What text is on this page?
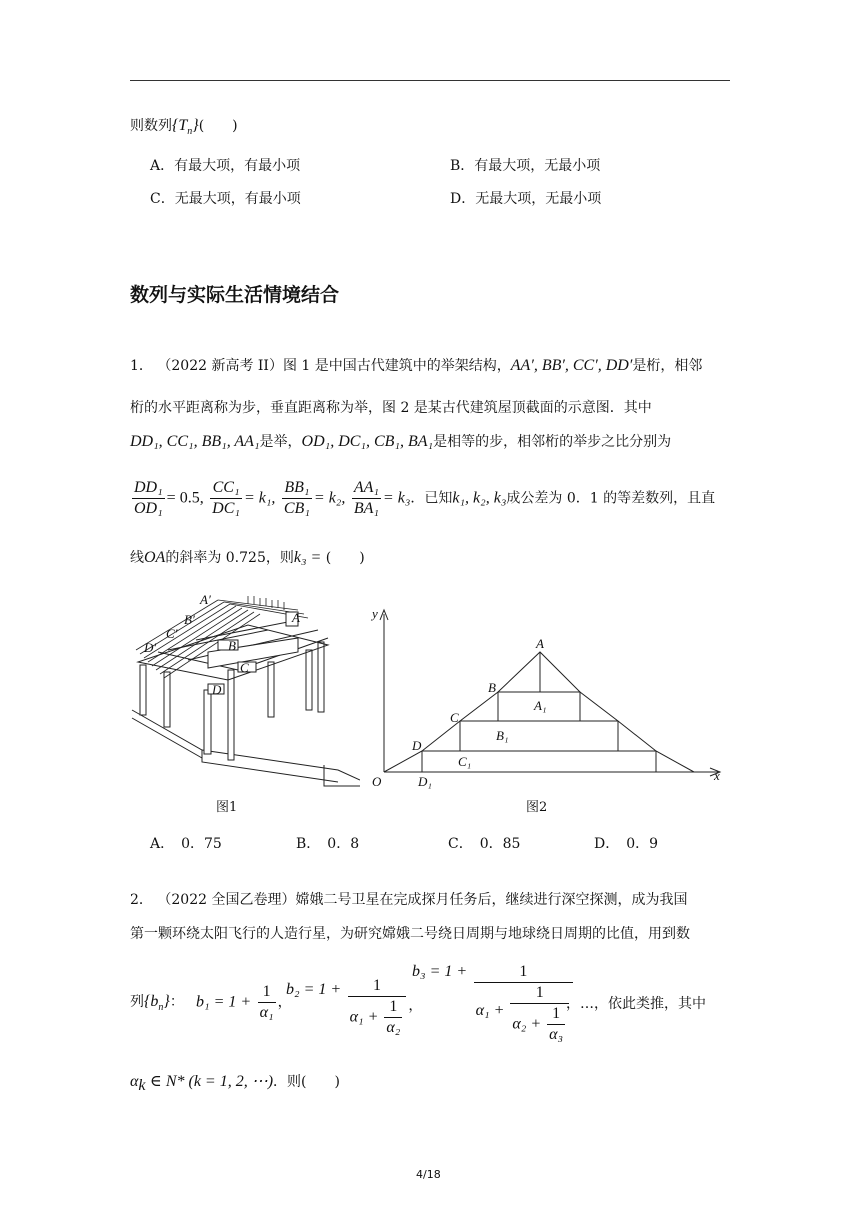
则数列$\{T_n\}$(　　)
A．有最大项，有最小项	B．有最大项，无最小项
C．无最大项，有最小项	D．无最大项，无最小项
数列与实际生活情境结合
1． （2022 新高考 II）图 1 是中国古代建筑中的举架结构，AA′, BB′, CC′, DD′是桁，相邻
桁的水平距离称为步，垂直距离称为举，图 2 是某古代建筑屋顶截面的示意图．其中
DD₁, CC₁, BB₁, AA₁是举，OD₁, DC₁, CB₁, BA₁是相等的步，相邻桁的举步之比分别为
$\frac{\text{DD₁}}{\text{OD₁}} = 0.5$, $\frac{\text{CC₁}}{\text{DC₁}} = k_1$, $\frac{\text{BB₁}}{\text{CB₁}} = k_2$, $\frac{\text{AA₁}}{\text{BA₁}} = k_3$．已知k₁, k₂, k₃成公差为 0．1 的等差数列，且直
线OA的斜率为 0.725，则k₃ = (　　)
A′
B′
C′
D′
A
B
C
D
图1
y
x
O
A
B
C
D
A₁
B₁
C₁
D₁
图2
A．　0．75	B．　0．8	C．　0．85	D．　0．9
2． （2022 全国乙卷理）嫦娥二号卫星在完成探月任务后，继续进行深空探测，成为我国
第一颗环绕太阳飞行的人造行星，为研究嫦娥二号绕日周期与地球绕日周期的比值，用到数
列$\{b_n\}$： $b_1 = 1 + \frac{1}{\text{α₁}}$ ，
$b_2 = 1 + \frac{1}{\alpha_1 + \frac{1}{\text{α₂}}}$ ，
$b_3 = 1 + \frac{1}{\alpha_1 + \frac{1}{\alpha_2 + \frac{1}{\text{α₃}}}}$
，…，依此类推，其中
$\alpha_k$ ∈ N* (k = 1, 2, ⋯)．则(　　)
4/18
